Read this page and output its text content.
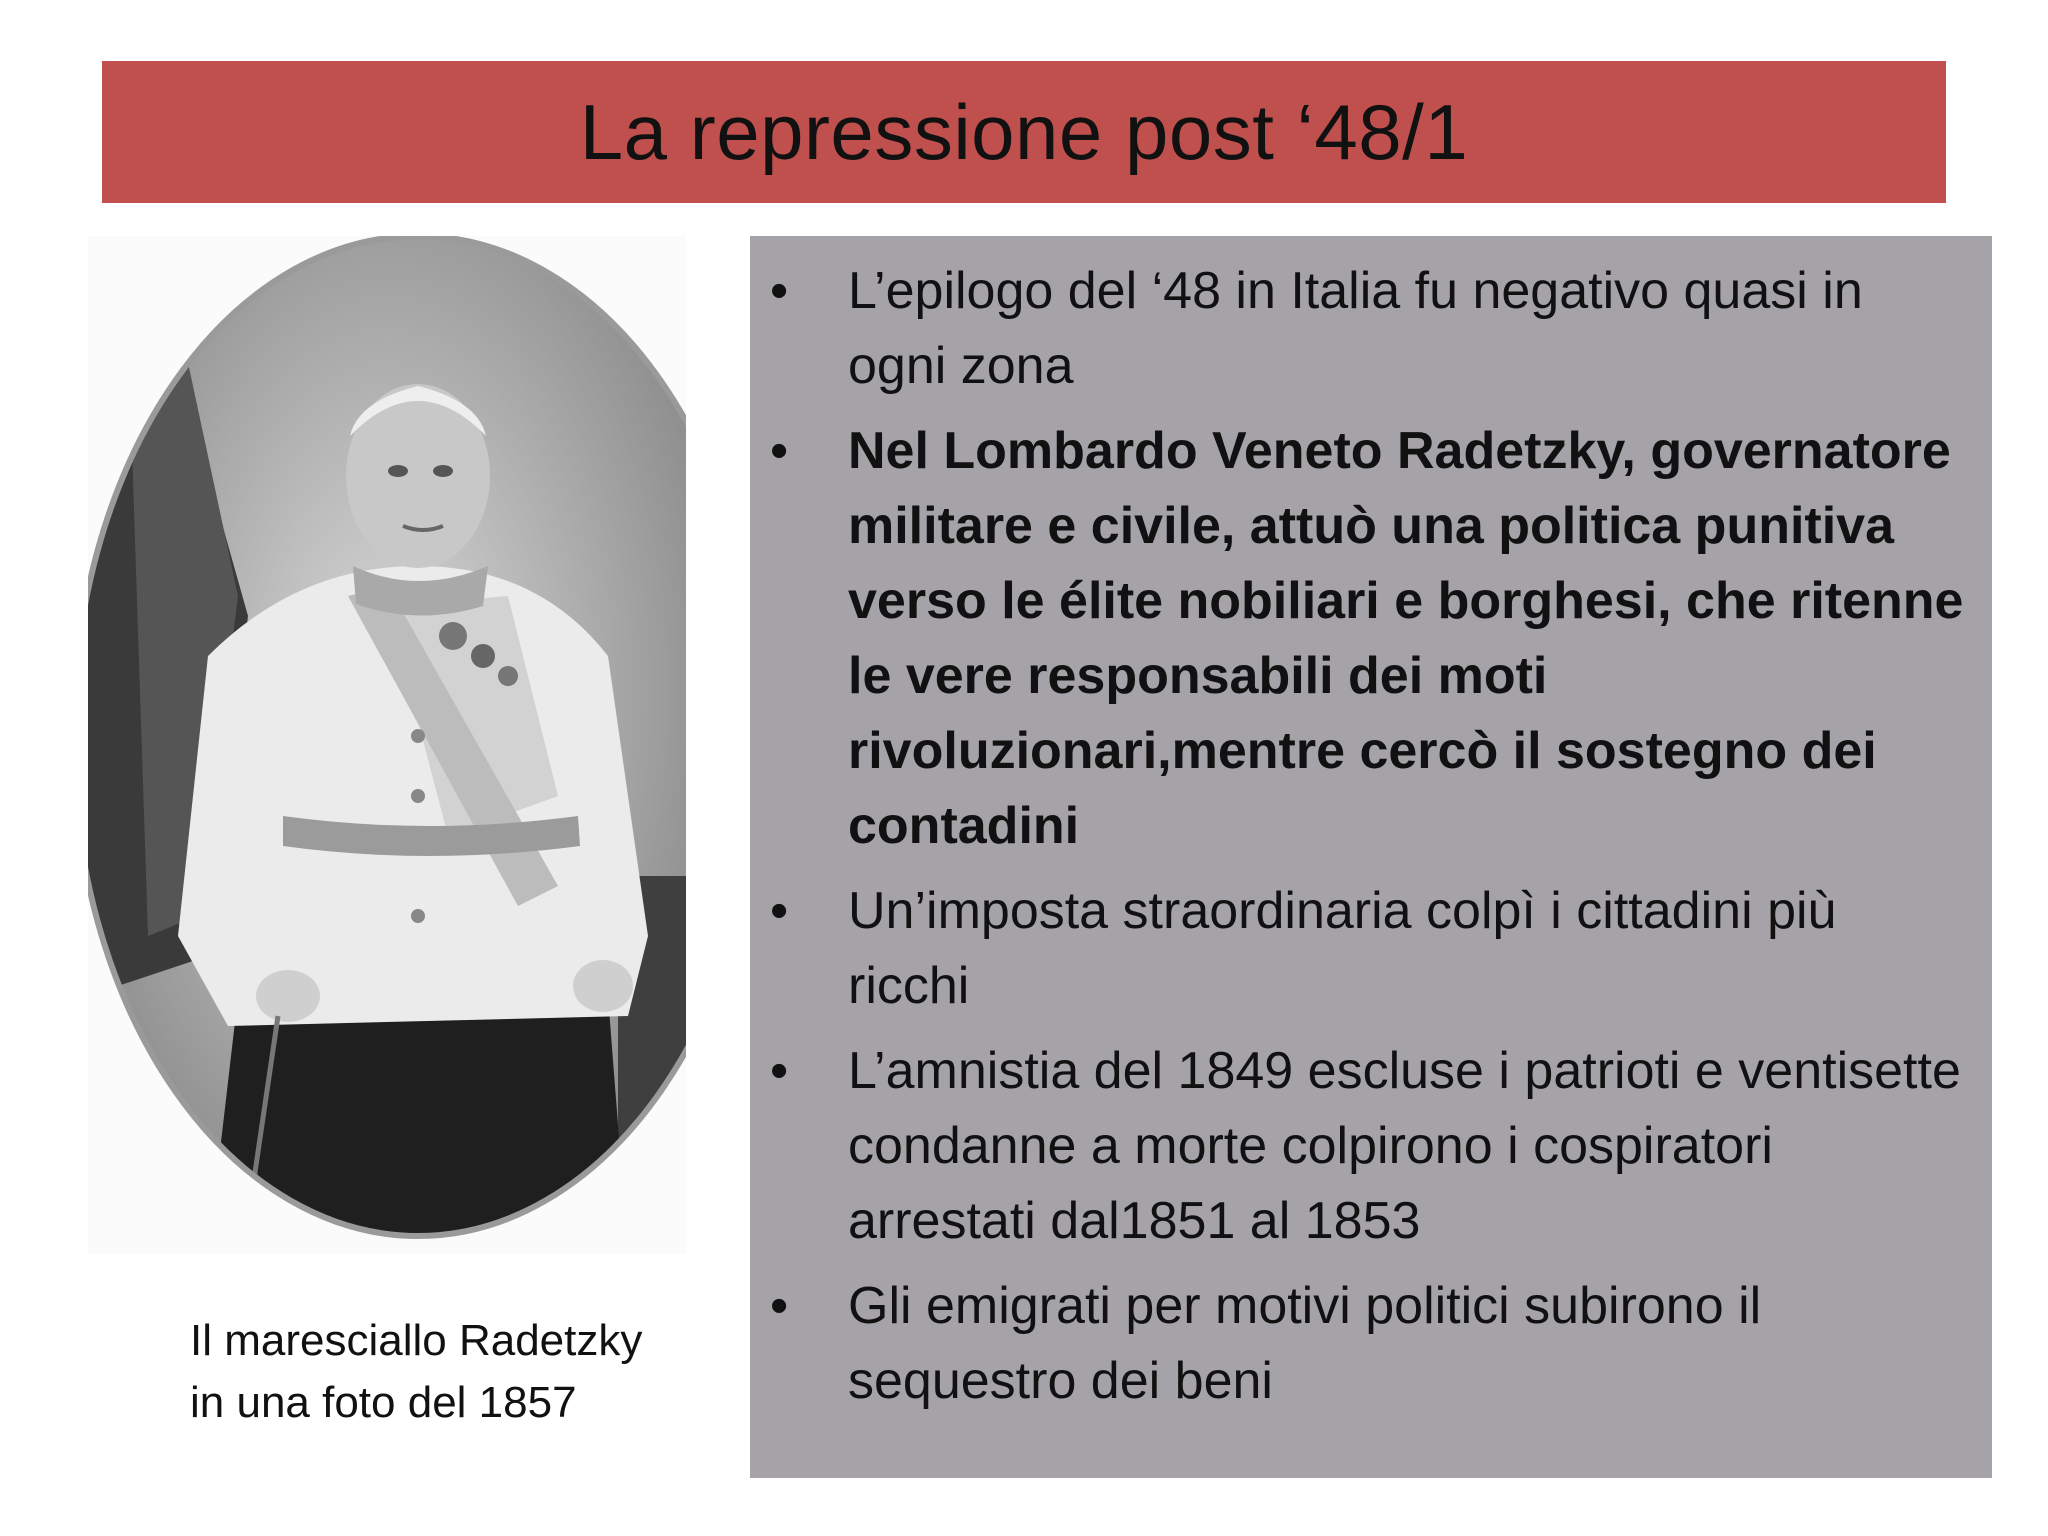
La repressione post ‘48/1
Il maresciallo Radetzky in una foto del 1857
• L’epilogo del ‘48 in Italia fu negativo quasi in ogni zona
• Nel Lombardo Veneto Radetzky, governatore militare e civile, attuò una politica punitiva verso le élite nobiliari e borghesi, che ritenne le vere responsabili dei moti rivoluzionari,mentre cercò il sostegno dei contadini
• Un’imposta straordinaria colpì i cittadini più ricchi
• L’amnistia del 1849 escluse i patrioti e ventisette condanne a morte colpirono i cospiratori arrestati dal1851 al 1853
• Gli emigrati per motivi politici subirono il sequestro dei beni
